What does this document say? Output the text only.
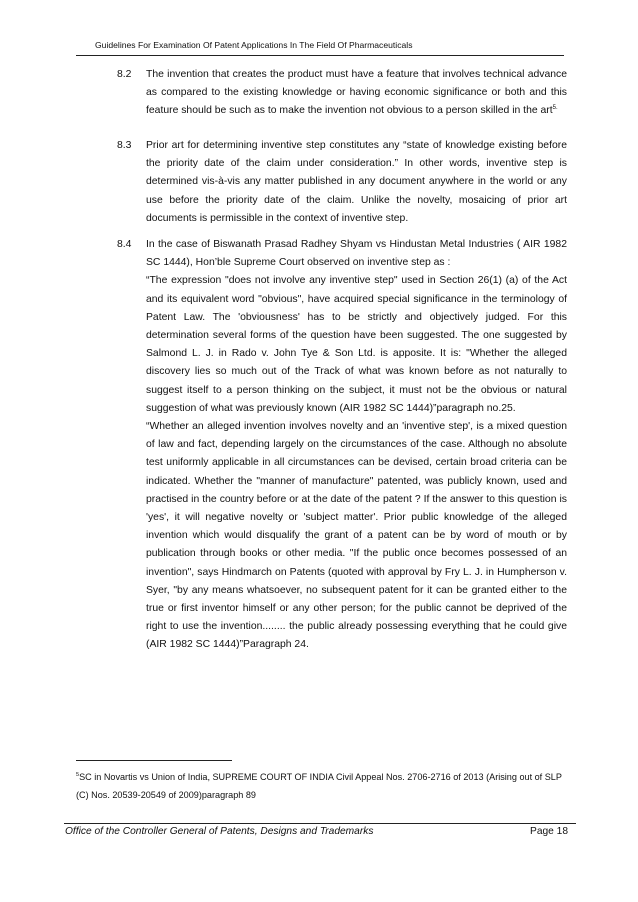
Guidelines For Examination Of Patent Applications In The Field Of Pharmaceuticals
8.2 The invention that creates the product must have a feature that involves technical advance as compared to the existing knowledge or having economic significance or both and this feature should be such as to make the invention not obvious to a person skilled in the art$^{5.}$

8.3 Prior art for determining inventive step constitutes any “state of knowledge existing before the priority date of the claim under consideration.” In other words, inventive step is determined vis-à-vis any matter published in any document anywhere in the world or any use before the priority date of the claim. Unlike the novelty, mosaicing of prior art documents is permissible in the context of inventive step.

8.4 In the case of Biswanath Prasad Radhey Shyam vs Hindustan Metal Industries ( AIR 1982 SC 1444), Hon’ble Supreme Court observed on inventive step as :

“The expression "does not involve any inventive step" used in Section 26(1) (a) of the Act and its equivalent word "obvious", have acquired special significance in the terminology of Patent Law. The 'obviousness' has to be strictly and objectively judged. For this determination several forms of the question have been suggested. The one suggested by Salmond L. J. in Rado v. John Tye & Son Ltd. is apposite. It is: "Whether the alleged discovery lies so much out of the Track of what was known before as not naturally to suggest itself to a person thinking on the subject, it must not be the obvious or natural suggestion of what was previously known (AIR 1982 SC 1444)”paragraph no.25.

“Whether an alleged invention involves novelty and an 'inventive step', is a mixed question of law and fact, depending largely on the circumstances of the case. Although no absolute test uniformly applicable in all circumstances can be devised, certain broad criteria can be indicated. Whether the "manner of manufacture" patented, was publicly known, used and practised in the country before or at the date of the patent ? If the answer to this question is 'yes', it will negative novelty or 'subject matter'. Prior public knowledge of the alleged invention which would disqualify the grant of a patent can be by word of mouth or by publication through books or other media. "If the public once becomes possessed of an invention", says Hindmarch on Patents (quoted with approval by Fry L. J. in Humpherson v. Syer, "by any means whatsoever, no subsequent patent for it can be granted either to the true or first inventor himself or any other person; for the public cannot be deprived of the right to use the invention........ the public already possessing everything that he could give (AIR 1982 SC 1444)”Paragraph 24.

$^5$SC in Novartis vs Union of India, SUPREME COURT OF INDIA Civil Appeal Nos. 2706-2716 of 2013 (Arising out of SLP (C) Nos. 20539-20549 of 2009)paragraph 89
Office of the Controller General of Patents, Designs and Trademarks	Page 18
